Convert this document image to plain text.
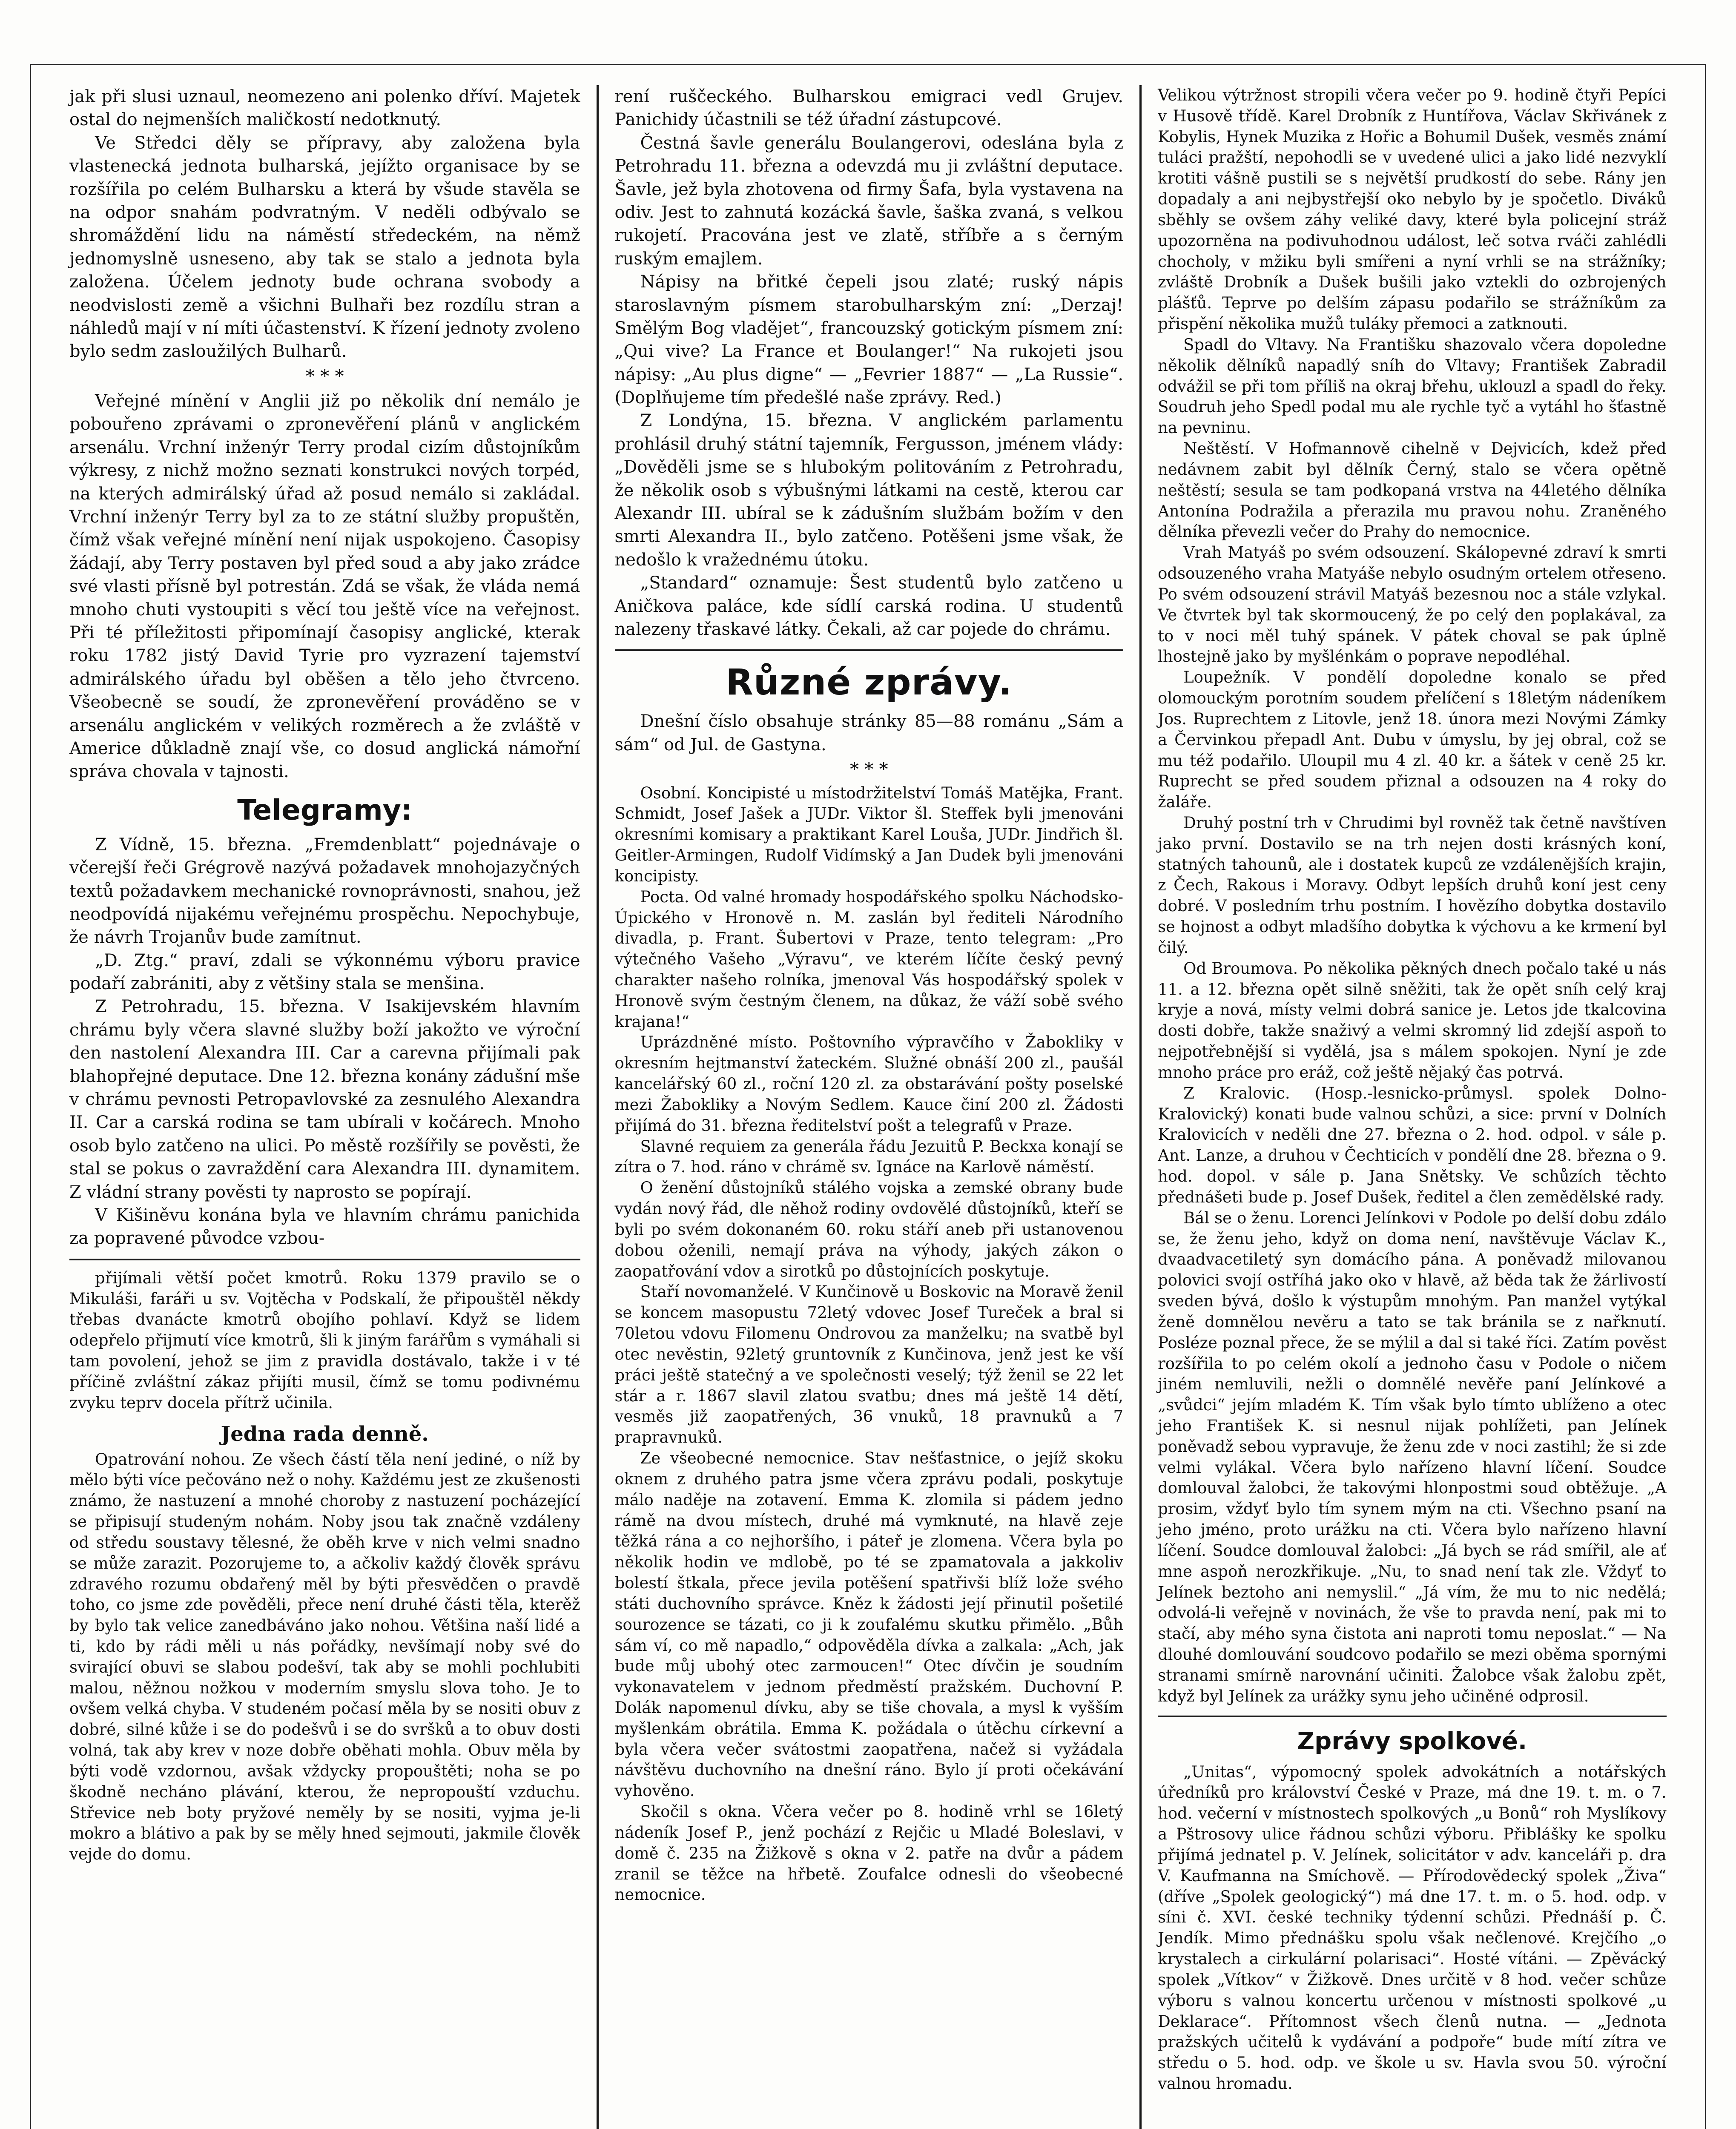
jak při slusi uznaul, neomezeno ani polenko dříví. Majetek ostal do nejmenších maličkostí nedotknutý.

Ve Středci děly se přípravy, aby založena byla vlastenecká jednota bulharská, jejížto organisace by se rozšířila po celém Bulharsku a která by všude stavěla se na odpor snahám podvratným. V neděli odbývalo se shromáždění lidu na náměstí středeckém, na němž jednomyslně usneseno, aby tak se stalo a jednota byla založena. Účelem jednoty bude ochrana svobody a neodvislosti země a všichni Bulhaři bez rozdílu stran a náhledů mají v ní míti účastenství. K řízení jednoty zvoleno bylo sedm zasloužilých Bulharů.

* * *

Veřejné mínění v Anglii již po několik dní nemálo je pobouřeno zprávami o zpronevěření plánů v anglickém arsenálu. Vrchní inženýr Terry prodal cizím důstojníkům výkresy, z nichž možno seznati konstrukci nových torpéd, na kterých admirálský úřad až posud nemálo si zakládal. Vrchní inženýr Terry byl za to ze státní služby propuštěn, čímž však veřejné mínění není nijak uspokojeno. Časopisy žádají, aby Terry postaven byl před soud a aby jako zrádce své vlasti přísně byl potrestán. Zdá se však, že vláda nemá mnoho chuti vystoupiti s věcí tou ještě více na veřejnost. Při té příležitosti připomínají časopisy anglické, kterak roku 1782 jistý David Tyrie pro vyzrazení tajemství admirálského úřadu byl oběšen a tělo jeho čtvrceno. Všeobecně se soudí, že zpronevěření prováděno se v arsenálu anglickém v velikých rozměrech a že zvláště v Americe důkladně znají vše, co dosud anglická námořní správa chovala v tajnosti.

Telegramy:

Z Vídně, 15. března. „Fremdenblatt“ pojednávaje o včerejší řeči Grégrově nazývá požadavek mnohojazyčných textů požadavkem mechanické rovnoprávnosti, snahou, jež neodpovídá nijakému veřejnému prospěchu. Nepochybuje, že návrh Trojanův bude zamítnut.

„D. Ztg.“ praví, zdali se výkonnému výboru pravice podaří zabrániti, aby z většiny stala se menšina.

Z Petrohradu, 15. března. V Isakijevském hlavním chrámu byly včera slavné služby boží jakožto ve výroční den nastolení Alexandra III. Car a carevna přijímali pak blahopřejné deputace. Dne 12. března konány zádušní mše v chrámu pevnosti Petropavlovské za zesnulého Alexandra II. Car a carská rodina se tam ubírali v kočárech. Mnoho osob bylo zatčeno na ulici. Po městě rozšířily se pověsti, že stal se pokus o zavraždění cara Alexandra III. dynamitem. Z vládní strany pověsti ty naprosto se popírají.

V Kišiněvu konána byla ve hlavním chrámu panichida za popravené původce vzbou-

přijímali větší počet kmotrů. Roku 1379 pravilo se o Mikuláši, faráři u sv. Vojtěcha v Podskalí, že připouštěl někdy třebas dvanácte kmotrů obojího pohlaví. Když se lidem odepřelo přijmutí více kmotrů, šli k jiným farářům s vymáhali si tam povolení, jehož se jim z pravidla dostávalo, takže i v té příčině zvláštní zákaz přijíti musil, čímž se tomu podivnému zvyku teprv docela přítrž učinila.

Jedna rada denně.

Opatrování nohou. Ze všech částí těla není jediné, o níž by mělo býti více pečováno než o nohy. Každému jest ze zkušenosti známo, že nastuzení a mnohé choroby z nastuzení pocházející se připisují studeným nohám. Noby jsou tak značně vzdáleny od středu soustavy tělesné, že oběh krve v nich velmi snadno se může zarazit. Pozorujeme to, a ačkoliv každý člověk správu zdravého rozumu obdařený měl by býti přesvědčen o pravdě toho, co jsme zde pověděli, přece není druhé části těla, kterěž by bylo tak velice zanedbáváno jako nohou. Většina naší lidé a ti, kdo by rádi měli u nás pořádky, nevšímají noby své do svirající obuvi se slabou podešví, tak aby se mohli pochlubiti malou, něžnou nožkou v moderním smyslu slova toho. Je to ovšem velká chyba. V studeném počasí měla by se nositi obuv z dobré, silné kůže i se do podešvů i se do svršků a to obuv dosti volná, tak aby krev v noze dobře oběhati mohla. Obuv měla by býti vodě vzdornou, avšak vždycky propouštěti; noha se po škodně necháno plávání, kterou, že nepropouští vzduchu. Střevice neb boty pryžové neměly by se nositi, vyjma je-li mokro a blátivo a pak by se měly hned sejmouti, jakmile člověk vejde do domu.

rení ruščeckého. Bulharskou emigraci vedl Grujev. Panichidy účastnili se též úřadní zástupcové.

Čestná šavle generálu Boulangerovi, odeslána byla z Petrohradu 11. března a odevzdá mu ji zvláštní deputace. Šavle, jež byla zhotovena od firmy Šafa, byla vystavena na odiv. Jest to zahnutá kozácká šavle, šaška zvaná, s velkou rukojetí. Pracována jest ve zlatě, stříbře a s černým ruským emajlem.

Nápisy na břitké čepeli jsou zlaté; ruský nápis staroslavným písmem starobulharským zní: „Derzaj! Smělým Bog vladějet“, francouzský gotickým písmem zní: „Qui vive? La France et Boulanger!“ Na rukojeti jsou nápisy: „Au plus digne“ — „Fevrier 1887“ — „La Russie“. (Doplňujeme tím předešlé naše zprávy. Red.)

Z Londýna, 15. března. V anglickém parlamentu prohlásil druhý státní tajemník, Fergusson, jménem vlády: „Dověděli jsme se s hlubokým politováním z Petrohradu, že několik osob s výbušnými látkami na cestě, kterou car Alexandr III. ubíral se k zádušním službám božím v den smrti Alexandra II., bylo zatčeno. Potěšeni jsme však, že nedošlo k vražednému útoku.

„Standard“ oznamuje: Šest studentů bylo zatčeno u Aničkova paláce, kde sídlí carská rodina. U studentů nalezeny třaskavé látky. Čekali, až car pojede do chrámu.

Různé zprávy.

Dnešní číslo obsahuje stránky 85—88 románu „Sám a sám“ od Jul. de Gastyna.

* * *

Osobní. Koncipisté u místodržitelství Tomáš Matějka, Frant. Schmidt, Josef Jašek a JUDr. Viktor šl. Steffek byli jmenováni okresními komisary a praktikant Karel Louša, JUDr. Jindřich šl. Geitler-Armingen, Rudolf Vidímský a Jan Dudek byli jmenováni koncipisty.

Pocta. Od valné hromady hospodářského spolku Náchodsko-Úpického v Hronově n. M. zaslán byl řediteli Národního divadla, p. Frant. Šubertovi v Praze, tento telegram: „Pro výtečného Vašeho „Výravu“, ve kterém líčíte český pevný charakter našeho rolníka, jmenoval Vás hospodářský spolek v Hronově svým čestným členem, na důkaz, že váží sobě svého krajana!“

Uprázdněné místo. Poštovního výpravčího v Žabokliky v okresním hejtmanství žateckém. Služné obnáší 200 zl., paušál kancelářský 60 zl., roční 120 zl. za obstarávání pošty poselské mezi Žabokliky a Novým Sedlem. Kauce činí 200 zl. Žádosti přijímá do 31. března ředitelství pošt a telegrafů v Praze.

Slavné requiem za generála řádu Jezuitů P. Beckxa konají se zítra o 7. hod. ráno v chrámě sv. Ignáce na Karlově náměstí.

O ženění důstojníků stálého vojska a zemské obrany bude vydán nový řád, dle něhož rodiny ovdovělé důstojníků, kteří se byli po svém dokonaném 60. roku stáří aneb při ustanovenou dobou oženili, nemají práva na výhody, jakých zákon o zaopatřování vdov a sirotků po důstojnících poskytuje.

Staří novomanželé. V Kunčinově u Boskovic na Moravě ženil se koncem masopustu 72letý vdovec Josef Tureček a bral si 70letou vdovu Filomenu Ondrovou za manželku; na svatbě byl otec nevěstin, 92letý gruntovník z Kunčinova, jenž jest ke vší práci ještě statečný a ve společnosti veselý; týž ženil se 22 let stár a r. 1867 slavil zlatou svatbu; dnes má ještě 14 dětí, vesměs již zaopatřených, 36 vnuků, 18 pravnuků a 7 prapravnuků.

Ze všeobecné nemocnice. Stav nešťastnice, o jejíž skoku oknem z druhého patra jsme včera zprávu podali, poskytuje málo naděje na zotavení. Emma K. zlomila si pádem jedno rámě na dvou místech, druhé má vymknuté, na hlavě zeje těžká rána a co nejhoršího, i páteř je zlomena. Včera byla po několik hodin ve mdlobě, po té se zpamatovala a jakkoliv bolestí štkala, přece jevila potěšení spatřivši blíž lože svého státi duchovního správce. Kněz k žádosti její přinutil pošetilé sourozence se tázati, co ji k zoufalému skutku přimělo. „Bůh sám ví, co mě napadlo,“ odpověděla dívka a zalkala: „Ach, jak bude můj ubohý otec zarmoucen!“ Otec dívčin je soudním vykonavatelem v jednom předměstí pražském. Duchovní P. Dolák napomenul dívku, aby se tiše chovala, a mysl k vyšším myšlenkám obrátila. Emma K. požádala o útěchu církevní a byla včera večer svátostmi zaopatřena, načež si vyžádala návštěvu duchovního na dnešní ráno. Bylo jí proti očekávání vyhověno.

Skočil s okna. Včera večer po 8. hodině vrhl se 16letý nádeník Josef P., jenž pochází z Rejčic u Mladé Boleslavi, v domě č. 235 na Žižkově s okna v 2. patře na dvůr a pádem zranil se těžce na hřbetě. Zoufalce odnesli do všeobecné nemocnice.

Velikou výtržnost stropili včera večer po 9. hodině čtyři Pepíci v Husově třídě. Karel Drobník z Huntířova, Václav Skřivánek z Kobylis, Hynek Muzika z Hořic a Bohumil Dušek, vesměs známí tuláci pražští, nepohodli se v uvedené ulici a jako lidé nezvyklí krotiti vášně pustili se s největší prudkostí do sebe. Rány jen dopadaly a ani nejbystřejší oko nebylo by je spočetlo. Diváků sběhly se ovšem záhy veliké davy, které byla policejní stráž upozorněna na podivuhodnou událost, leč sotva rváči zahlédli chocholy, v mžiku byli smířeni a nyní vrhli se na strážníky; zvláště Drobník a Dušek bušili jako vztekli do ozbrojených plášťů. Teprve po delším zápasu podařilo se strážníkům za přispění několika mužů tuláky přemoci a zatknouti.

Spadl do Vltavy. Na Františku shazovalo včera dopoledne několik dělníků napadlý sníh do Vltavy; František Zabradil odvážil se při tom příliš na okraj břehu, uklouzl a spadl do řeky. Soudruh jeho Spedl podal mu ale rychle tyč a vytáhl ho šťastně na pevninu.

Neštěstí. V Hofmannově cihelně v Dejvicích, kdež před nedávnem zabit byl dělník Černý, stalo se včera opětně neštěstí; sesula se tam podkopaná vrstva na 44letého dělníka Antonína Podražila a přerazila mu pravou nohu. Zraněného dělníka převezli večer do Prahy do nemocnice.

Vrah Matyáš po svém odsouzení. Skálopevné zdraví k smrti odsouzeného vraha Matyáše nebylo osudným ortelem otřeseno. Po svém odsouzení strávil Matyáš bezesnou noc a stále vzlykal. Ve čtvrtek byl tak skormoucený, že po celý den poplakával, za to v noci měl tuhý spánek. V pátek choval se pak úplně lhostejně jako by myšlénkám o poprave nepodléhal.

Loupežník. V pondělí dopoledne konalo se před olomouckým porotním soudem přelíčení s 18letým nádeníkem Jos. Ruprechtem z Litovle, jenž 18. února mezi Novými Zámky a Červinkou přepadl Ant. Dubu v úmyslu, by jej obral, což se mu též podařilo. Uloupil mu 4 zl. 40 kr. a šátek v ceně 25 kr. Ruprecht se před soudem přiznal a odsouzen na 4 roky do žaláře.

Druhý postní trh v Chrudimi byl rovněž tak četně navštíven jako první. Dostavilo se na trh nejen dosti krásných koní, statných tahounů, ale i dostatek kupců ze vzdálenějších krajin, z Čech, Rakous i Moravy. Odbyt lepších druhů koní jest ceny dobré. V posledním trhu postním. I hovězího dobytka dostavilo se hojnost a odbyt mladšího dobytka k výchovu a ke krmení byl čilý.

Od Broumova. Po několika pěkných dnech počalo také u nás 11. a 12. března opět silně sněžiti, tak že opět sníh celý kraj kryje a nová, místy velmi dobrá sanice je. Letos jde tkalcovina dosti dobře, takže snaživý a velmi skromný lid zdejší aspoň to nejpotřebnější si vydělá, jsa s málem spokojen. Nyní je zde mnoho práce pro eráž, což ještě nějaký čas potrvá.

Z Kralovic. (Hosp.-lesnicko-průmysl. spolek Dolno-Kralovický) konati bude valnou schůzi, a sice: první v Dolních Kralovicích v neděli dne 27. března o 2. hod. odpol. v sále p. Ant. Lanze, a druhou v Čechticích v pondělí dne 28. března o 9. hod. dopol. v sále p. Jana Snětsky. Ve schůzích těchto přednášeti bude p. Josef Dušek, ředitel a člen zemědělské rady.

Bál se o ženu. Lorenci Jelínkovi v Podole po delší dobu zdálo se, že ženu jeho, když on doma není, navštěvuje Václav K., dvaadvacetiletý syn domácího pána. A poněvadž milovanou polovici svojí ostříhá jako oko v hlavě, až běda tak že žárlivostí sveden bývá, došlo k výstupům mnohým. Pan manžel vytýkal ženě domnělou nevěru a tato se tak bránila se z nařknutí. Posléze poznal přece, že se mýlil a dal si také říci. Zatím pověst rozšířila to po celém okolí a jednoho času v Podole o ničem jiném nemluvili, nežli o domnělé nevěře paní Jelínkové a „svůdci“ jejím mladém K. Tím však bylo tímto ublíženo a otec jeho František K. si nesnul nijak pohlížeti, pan Jelínek poněvadž sebou vypravuje, že ženu zde v noci zastihl; že si zde velmi vylákal. Včera bylo nařízeno hlavní líčení. Soudce domlouval žalobci, že takovými hlonpostmi soud obtěžuje. „A prosim, vždyť bylo tím synem mým na cti. Všechno psaní na jeho jméno, proto urážku na cti. Včera bylo nařízeno hlavní líčení. Soudce domlouval žalobci: „Já bych se rád smířil, ale ať mne aspoň nerozkřikuje. „Nu, to snad není tak zle. Vždyť to Jelínek beztoho ani nemyslil.“ „Já vím, že mu to nic nedělá; odvolá-li veřejně v novinách, že vše to pravda není, pak mi to stačí, aby mého syna čistota ani naproti tomu neposlat.“ — Na dlouhé domlouvání soudcovo podařilo se mezi oběma spornými stranami smírně narovnání učiniti. Žalobce však žalobu zpět, když byl Jelínek za urážky synu jeho učiněné odprosil.

Zprávy spolkové.

„Unitas“, výpomocný spolek advokátních a notářských úředníků pro království České v Praze, má dne 19. t. m. o 7. hod. večerní v místnostech spolkových „u Bonů“ roh Myslíkovy a Pštrosovy ulice řádnou schůzi výboru. Přiblášky ke spolku přijímá jednatel p. V. Jelínek, solicitátor v adv. kanceláři p. dra V. Kaufmanna na Smíchově. — Přírodovědecký spolek „Živa“ (dříve „Spolek geologický“) má dne 17. t. m. o 5. hod. odp. v síni č. XVI. české techniky týdenní schůzi. Přednáší p. Č. Jendík. Mimo přednášku spolu však nečlenové. Krejčího „o krystalech a cirkulární polarisaci“. Hosté vítáni. — Zpěvácký spolek „Vítkov“ v Žižkově. Dnes určitě v 8 hod. večer schůze výboru s valnou koncertu určenou v místnosti spolkové „u Deklarace“. Přítomnost všech členů nutna. — „Jednota pražských učitelů k vydávání a podpoře“ bude mítí zítra ve středu o 5. hod. odp. ve škole u sv. Havla svou 50. výroční valnou hromadu.
